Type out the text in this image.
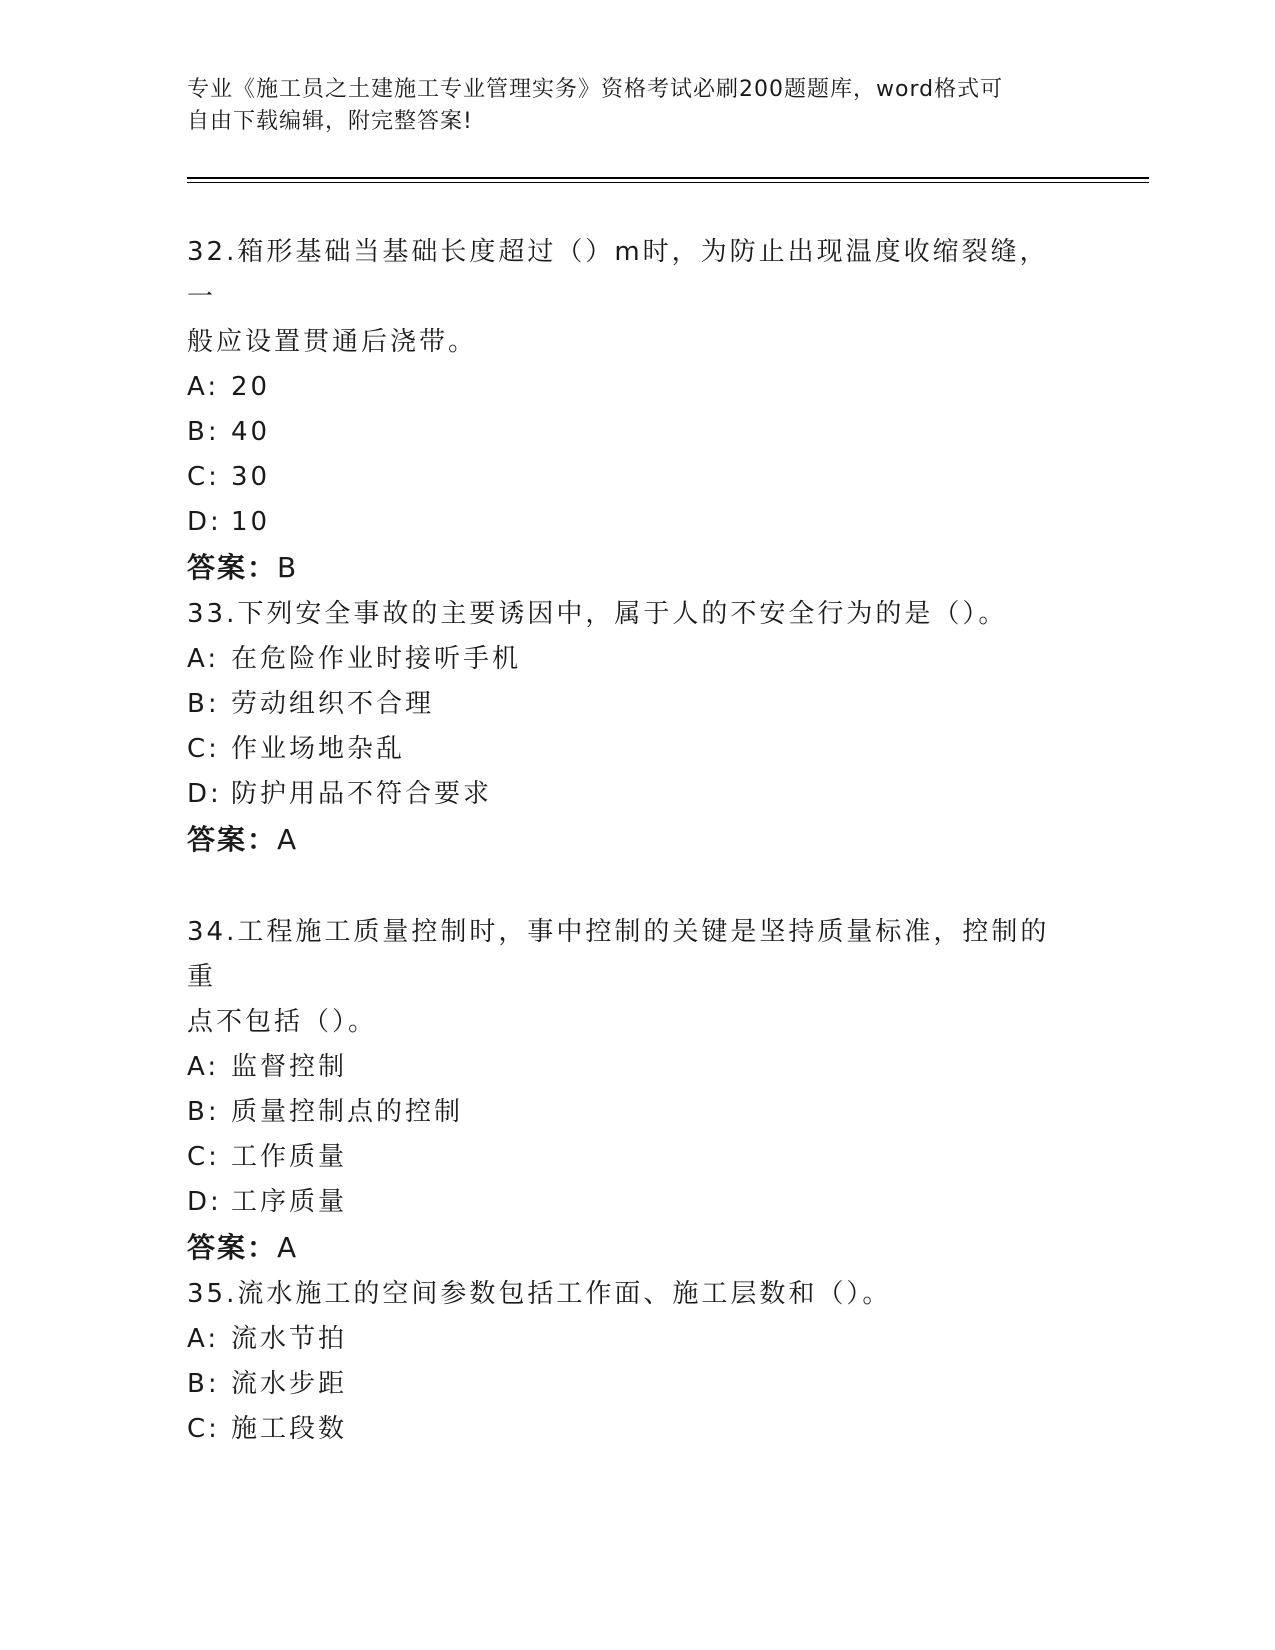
专业《施工员之土建施工专业管理实务》资格考试必刷200题题库，word格式可
自由下载编辑，附完整答案!
32.箱形基础当基础长度超过（）m时，为防止出现温度收缩裂缝，一
般应设置贯通后浇带。
A: 20
B: 40
C: 30
D: 10
答案：B
33.下列安全事故的主要诱因中，属于人的不安全行为的是（）。
A: 在危险作业时接听手机
B: 劳动组织不合理
C: 作业场地杂乱
D: 防护用品不符合要求
答案：A
34.工程施工质量控制时，事中控制的关键是坚持质量标准，控制的重
点不包括（）。
A: 监督控制
B: 质量控制点的控制
C: 工作质量
D: 工序质量
答案：A
35.流水施工的空间参数包括工作面、施工层数和（）。
A: 流水节拍
B: 流水步距
C: 施工段数
